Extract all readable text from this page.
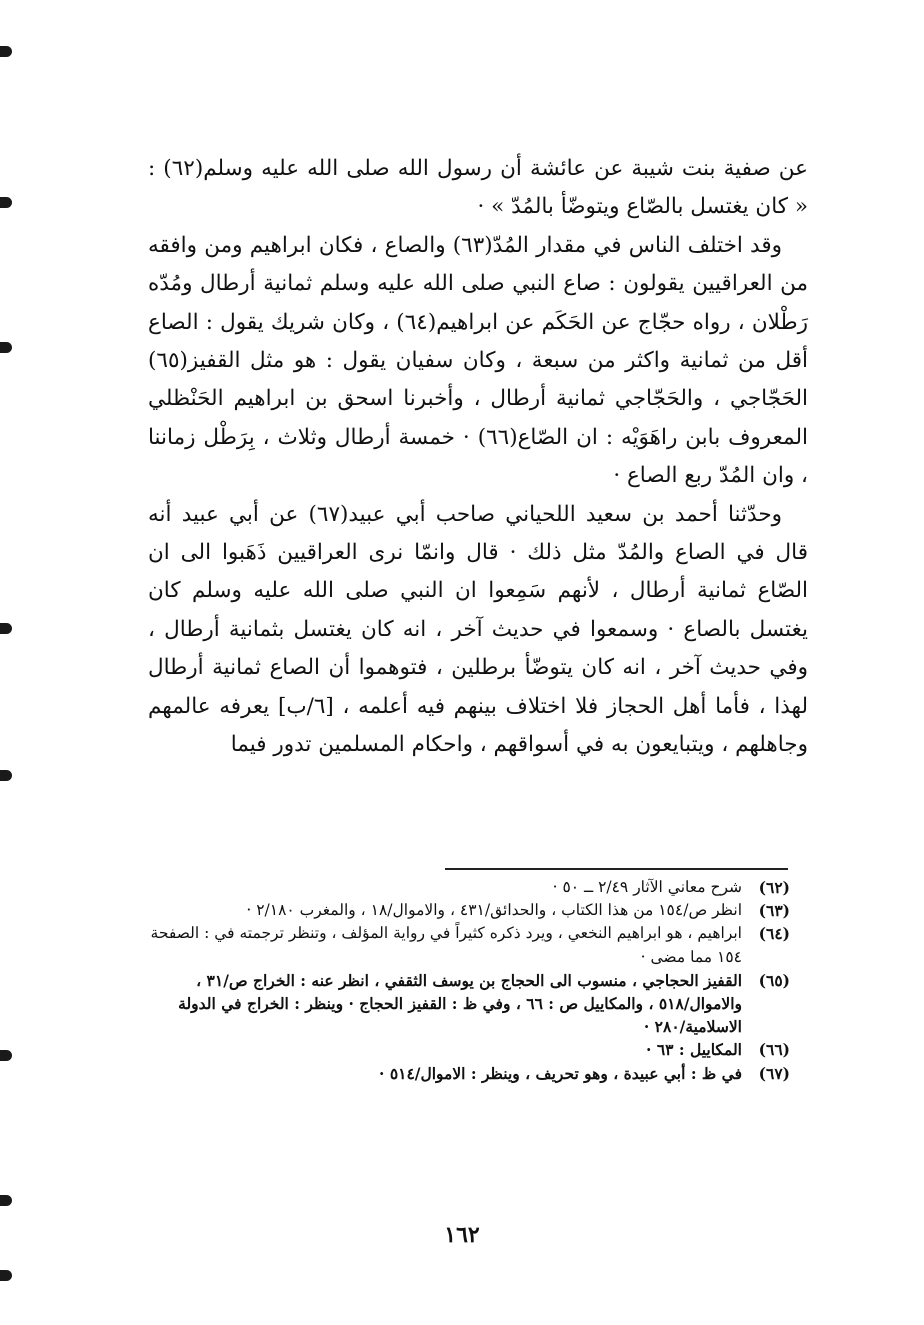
عن صفية بنت شيبة عن عائشة أن رسول الله صلى الله عليه وسلم(٦٢) : « كان يغتسل بالصّاع ويتوضّأ بالمُدّ » ·

وقد اختلف الناس في مقدار المُدّ(٦٣) والصاع ، فكان ابراهيم ومن وافقه من العراقيين يقولون : صاع النبي صلى الله عليه وسلم ثمانية أرطال ومُدّه رَطْلان ، رواه حجّاج عن الحَكَم عن ابراهيم(٦٤) ، وكان شريك يقول : الصاع أقل من ثمانية واكثر من سبعة ، وكان سفيان يقول : هو مثل القفيز(٦٥) الحَجّاجي ، والحَجّاجي ثمانية أرطال ، وأخبرنا اسحق بن ابراهيم الحَنْظلي المعروف بابن راهَوَيْه : ان الصّاع(٦٦) · خمسة أرطال وثلاث ، بِرَطْل زماننا ، وان المُدّ ربع الصاع ·

وحدّثنا أحمد بن سعيد اللحياني صاحب أبي عبيد(٦٧) عن أبي عبيد أنه قال في الصاع والمُدّ مثل ذلك · قال وانمّا نرى العراقيين ذَهَبوا الى ان الصّاع ثمانية أرطال ، لأنهم سَمِعوا ان النبي صلى الله عليه وسلم كان يغتسل بالصاع · وسمعوا في حديث آخر ، انه كان يغتسل بثمانية أرطال ، وفي حديث آخر ، انه كان يتوضّأ برطلين ، فتوهموا أن الصاع ثمانية أرطال لهذا ، فأما أهل الحجاز فلا اختلاف بينهم فيه أعلمه ، [٦/ب] يعرفه عالمهم وجاهلهم ، ويتبايعون به في أسواقهم ، واحكام المسلمين تدور فيما

(٦٢)
شرح معاني الآثار ٢/٤٩ ــ ٥٠ ·
(٦٣)
انظر ص/١٥٤ من هذا الكتاب ، والحدائق/٤٣١ ، والاموال/١٨ ، والمغرب ٢/١٨٠ ·
(٦٤)
ابراهيم ، هو ابراهيم النخعي ، ويرد ذكره كثيراً في رواية المؤلف ، وتنظر ترجمته في : الصفحة ١٥٤ مما مضى ·
(٦٥)
القفيز الحجاجي ، منسوب الى الحجاج بن يوسف الثقفي ، انظر عنه : الخراج ص/٣١ ، والاموال/٥١٨ ، والمكاييل ص : ٦٦ ، وفي ظ : القفيز الحجاج · وينظر : الخراج في الدولة الاسلامية/٢٨٠ ·
(٦٦)
المكاييل : ٦٣ ·
(٦٧)
في ظ : أبي عبيدة ، وهو تحريف ، وينظر : الاموال/٥١٤ ·
١٦٢
